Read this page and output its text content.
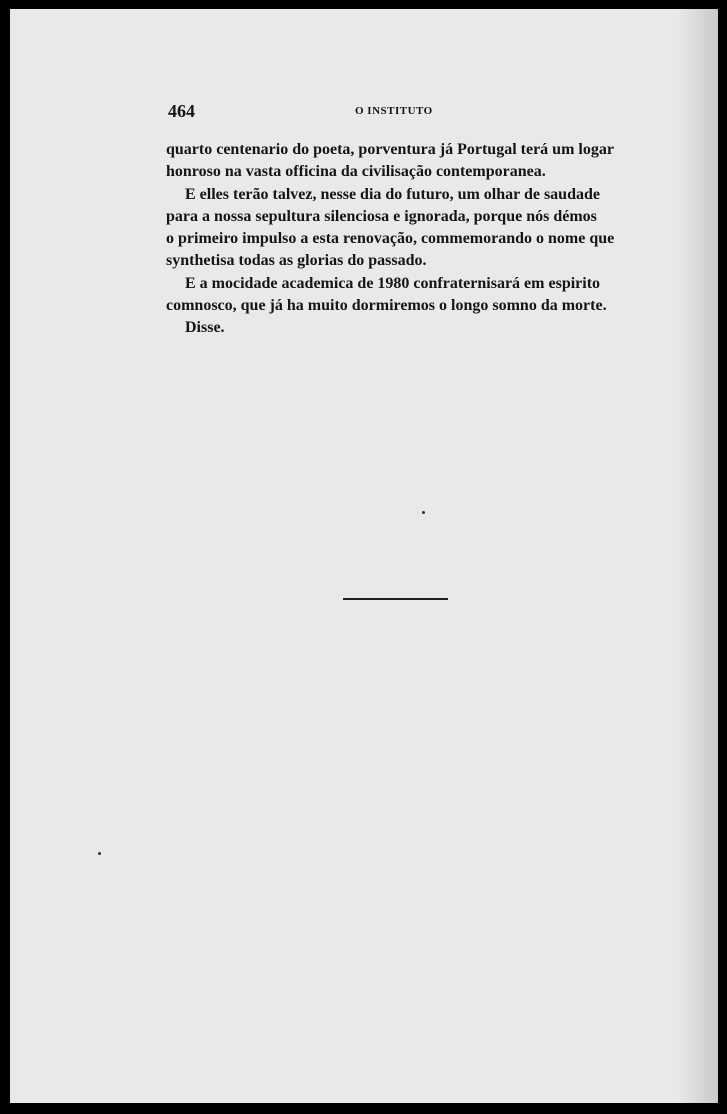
464	O INSTITUTO

quarto centenario do poeta, porventura já Portugal terá um logar
honroso na vasta officina da civilisação contemporanea.

E elles terão talvez, nesse dia do futuro, um olhar de saudade
para a nossa sepultura silenciosa e ignorada, porque nós démos
o primeiro impulso a esta renovação, commemorando o nome que
synthetisa todas as glorias do passado.

E a mocidade academica de 1980 confraternisará em espirito
comnosco, que já ha muito dormiremos o longo somno da morte.

Disse.
